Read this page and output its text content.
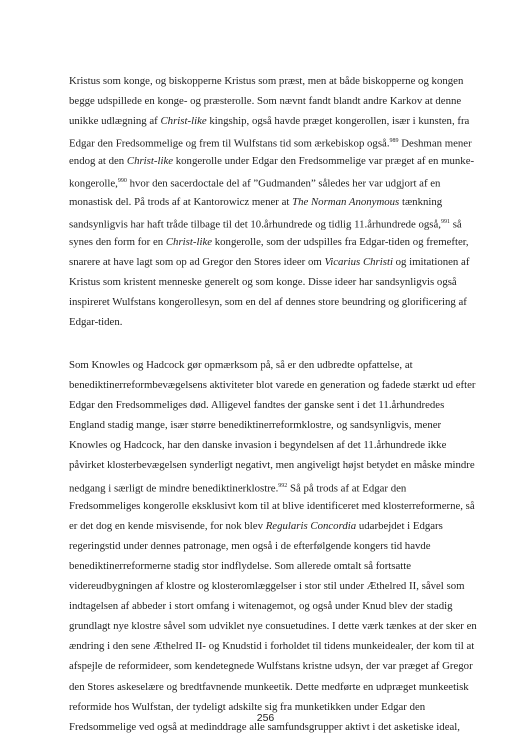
Kristus som konge, og biskopperne Kristus som præst, men at både biskopperne og kongen
begge udspillede en konge- og præsterolle. Som nævnt fandt blandt andre Karkov at denne
unikke udlægning af Christ-like kingship, også havde præget kongerollen, især i kunsten, fra
Edgar den Fredsommelige og frem til Wulfstans tid som ærkebiskop også.$^{989}$ Deshman mener
endog at den Christ-like kongerolle under Edgar den Fredsommelige var præget af en munke-
kongerolle,$^{990}$ hvor den sacerdoctale del af ”Gudmanden” således her var udgjort af en
monastisk del. På trods af at Kantorowicz mener at The Norman Anonymous tænkning
sandsynligvis har haft tråde tilbage til det 10.århundrede og tidlig 11.århundrede også,$^{991}$ så
synes den form for en Christ-like kongerolle, som der udspilles fra Edgar-tiden og fremefter,
snarere at have lagt som op ad Gregor den Stores ideer om Vicarius Christi og imitationen af
Kristus som kristent menneske generelt og som konge. Disse ideer har sandsynligvis også
inspireret Wulfstans kongerollesyn, som en del af dennes store beundring og glorificering af
Edgar-tiden.
Som Knowles og Hadcock gør opmærksom på, så er den udbredte opfattelse, at
benediktinerreformbevægelsens aktiviteter blot varede en generation og fadede stærkt ud efter
Edgar den Fredsommeliges død. Alligevel fandtes der ganske sent i det 11.århundredes
England stadig mange, især større benediktinerreformklostre, og sandsynligvis, mener
Knowles og Hadcock, har den danske invasion i begyndelsen af det 11.århundrede ikke
påvirket klosterbevægelsen synderligt negativt, men angiveligt højst betydet en måske mindre
nedgang i særligt de mindre benediktinerklostre.$^{992}$ Så på trods af at Edgar den
Fredsommeliges kongerolle eksklusivt kom til at blive identificeret med klosterreformerne, så
er det dog en kende misvisende, for nok blev Regularis Concordia udarbejdet i Edgars
regeringstid under dennes patronage, men også i de efterfølgende kongers tid havde
benediktinerreformerne stadig stor indflydelse. Som allerede omtalt så fortsatte
videreudbygningen af klostre og klosteromlæggelser i stor stil under Æthelred II, såvel som
indtagelsen af abbeder i stort omfang i witenagemot, og også under Knud blev der stadig
grundlagt nye klostre såvel som udviklet nye consuetudines. I dette værk tænkes at der sker en
ændring i den sene Æthelred II- og Knudstid i forholdet til tidens munkeidealer, der kom til at
afspejle de reformideer, som kendetegnede Wulfstans kristne udsyn, der var præget af Gregor
den Stores askeselære og bredtfavnende munkeetik. Dette medførte en udpræget munkeetisk
reformide hos Wulfstan, der tydeligt adskilte sig fra munketikken under Edgar den
Fredsommelige ved også at medinddrage alle samfundsgrupper aktivt i det asketiske ideal,
256
